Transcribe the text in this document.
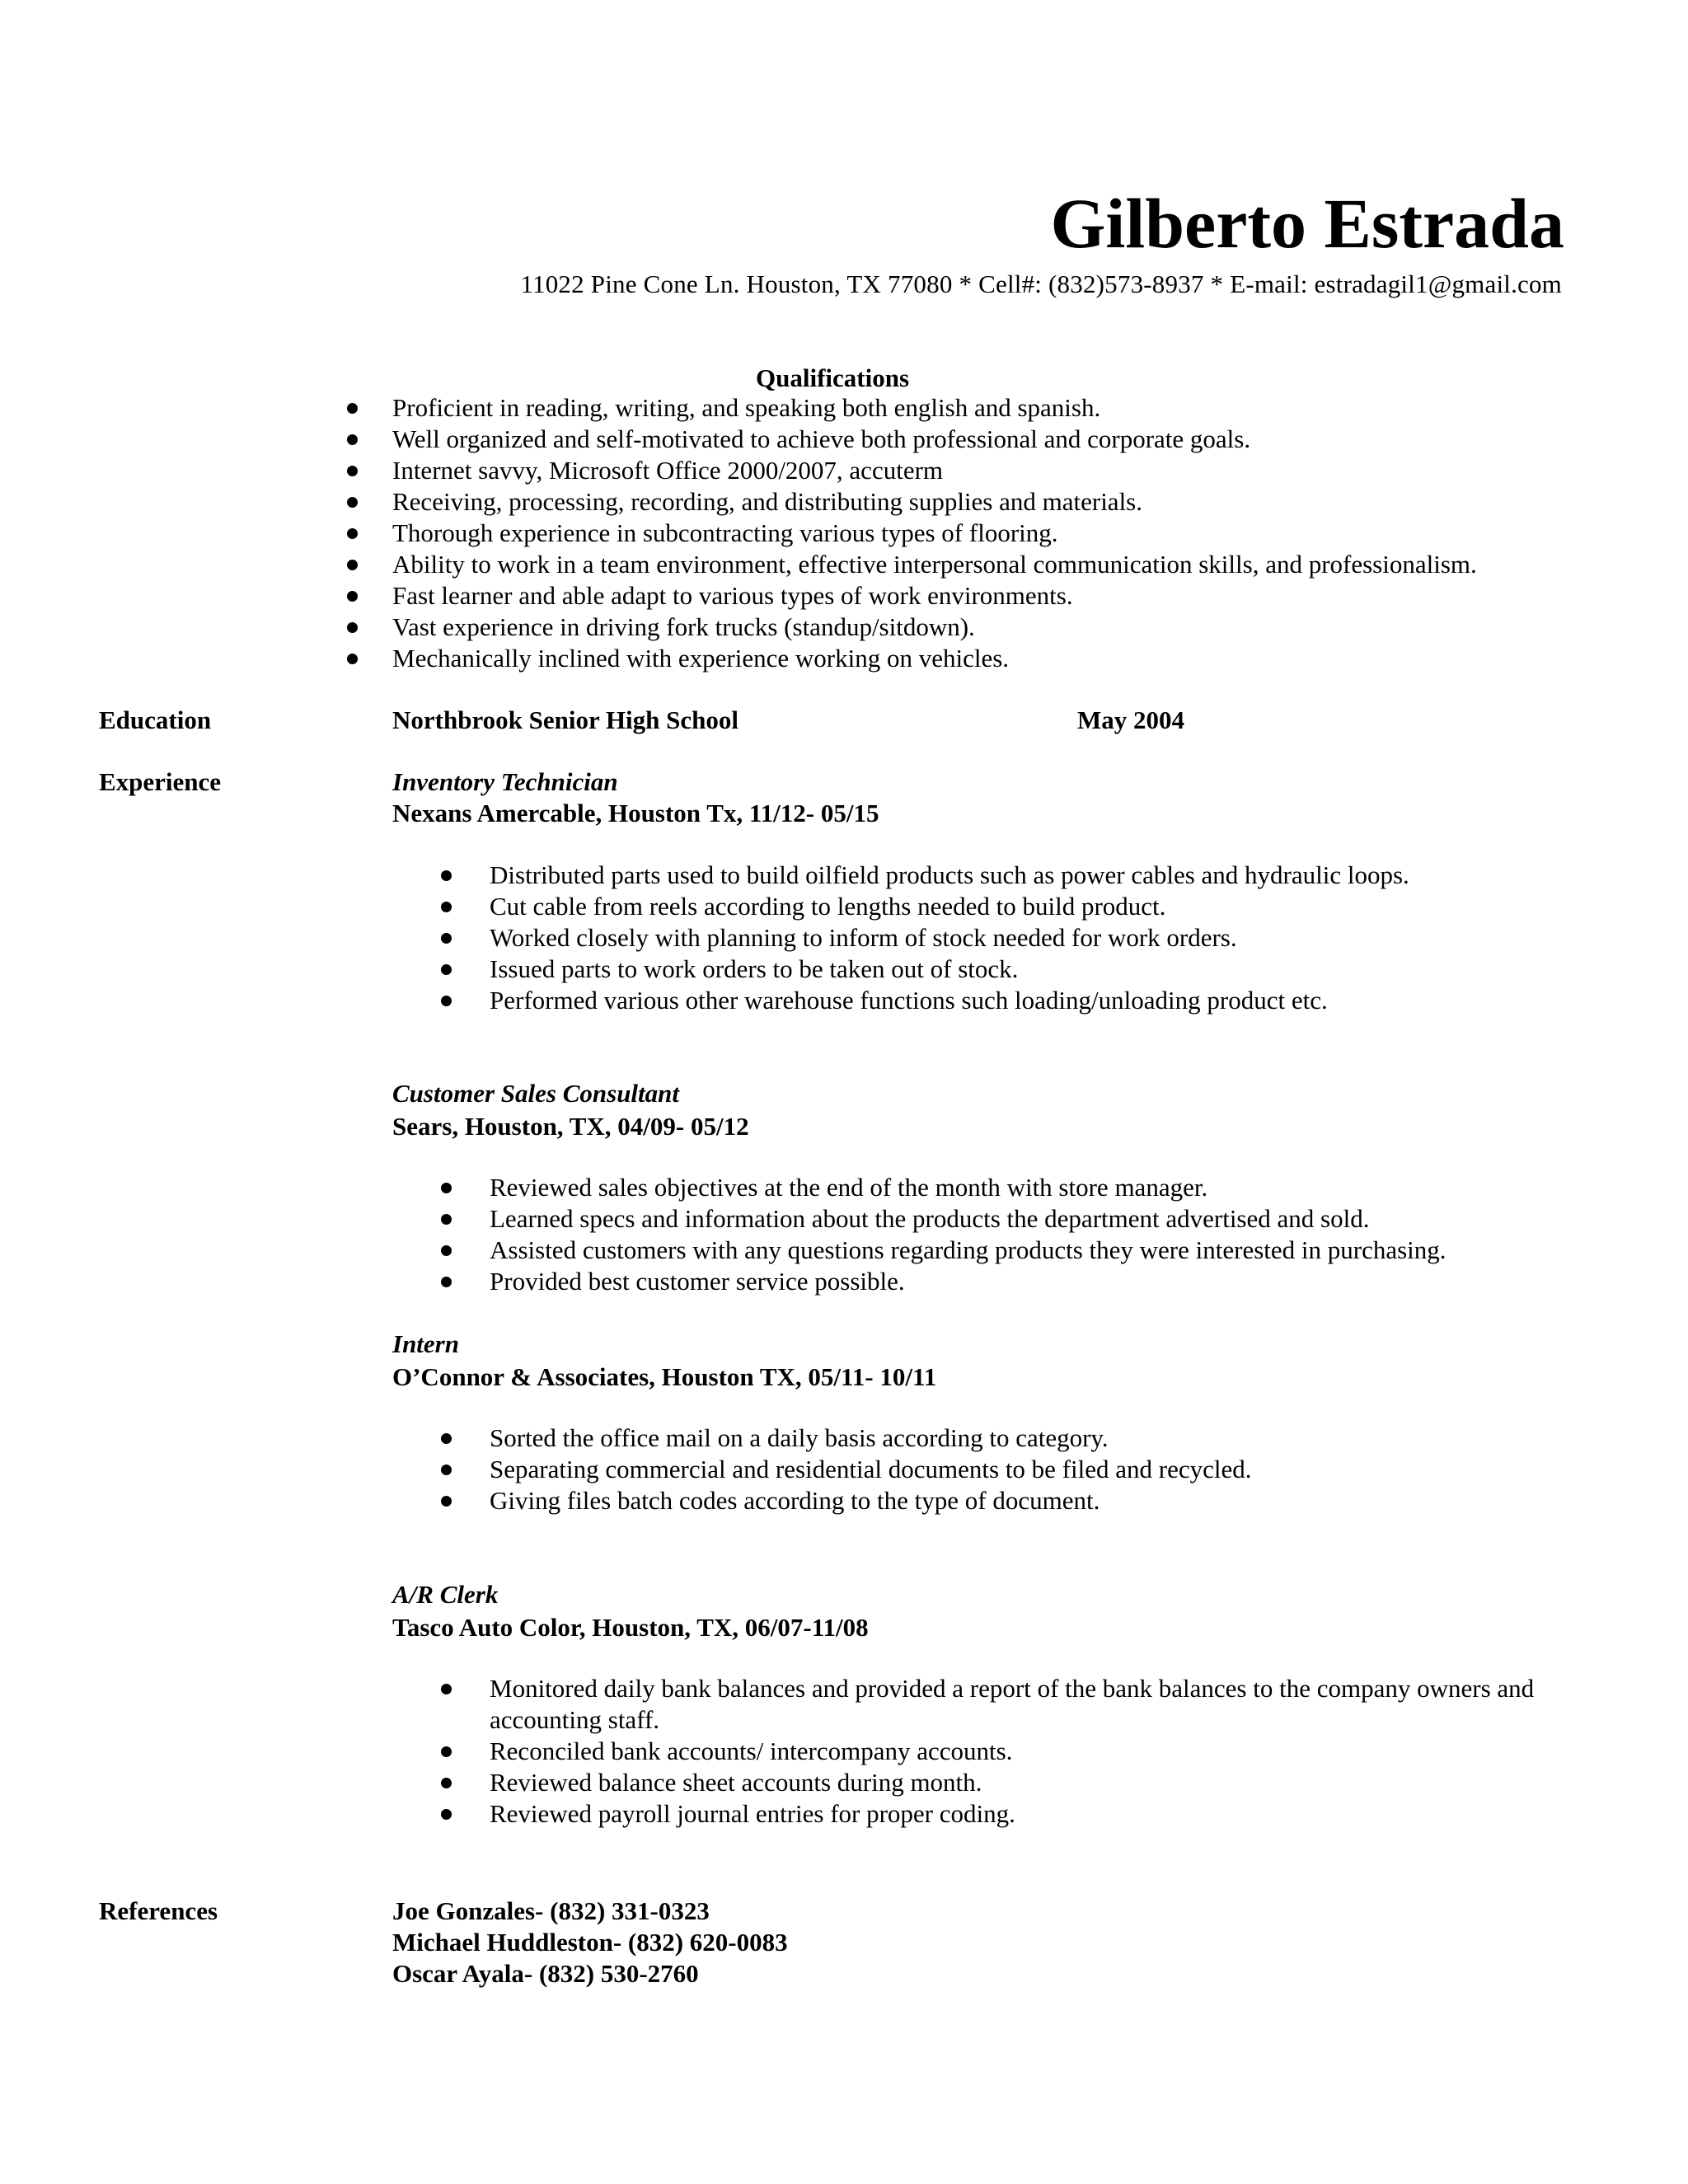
Gilberto Estrada
11022 Pine Cone Ln. Houston, TX 77080 * Cell#: (832)573-8937 * E-mail: estradagil1@gmail.com
Qualifications
Proficient in reading, writing, and speaking both english and spanish.
Well organized and self-motivated to achieve both professional and corporate goals.
Internet savvy, Microsoft Office 2000/2007, accuterm
Receiving, processing, recording, and distributing supplies and materials.
Thorough experience in subcontracting various types of flooring.
Ability to work in a team environment, effective interpersonal communication skills, and professionalism.
Fast learner and able adapt to various types of work environments.
Vast experience in driving fork trucks (standup/sitdown).
Mechanically inclined with experience working on vehicles.
Education	Northbrook Senior High School	May 2004
Experience	Inventory Technician
Nexans Amercable, Houston Tx, 11/12- 05/15
Distributed parts used to build oilfield products such as power cables and hydraulic loops.
Cut cable from reels according to lengths needed to build product.
Worked closely with planning to inform of stock needed for work orders.
Issued parts to work orders to be taken out of stock.
Performed various other warehouse functions such loading/unloading product etc.
Customer Sales Consultant
Sears, Houston, TX, 04/09- 05/12
Reviewed sales objectives at the end of the month with store manager.
Learned specs and information about the products the department advertised and sold.
Assisted customers with any questions regarding products they were interested in purchasing.
Provided best customer service possible.
Intern
O’Connor & Associates, Houston TX, 05/11- 10/11
Sorted the office mail on a daily basis according to category.
Separating commercial and residential documents to be filed and recycled.
Giving files batch codes according to the type of document.
A/R Clerk
Tasco Auto Color, Houston, TX, 06/07-11/08
Monitored daily bank balances and provided a report of the bank balances to the company owners and accounting staff.
Reconciled bank accounts/ intercompany accounts.
Reviewed balance sheet accounts during month.
Reviewed payroll journal entries for proper coding.
References	Joe Gonzales- (832) 331-0323
Michael Huddleston- (832) 620-0083
Oscar Ayala- (832) 530-2760
